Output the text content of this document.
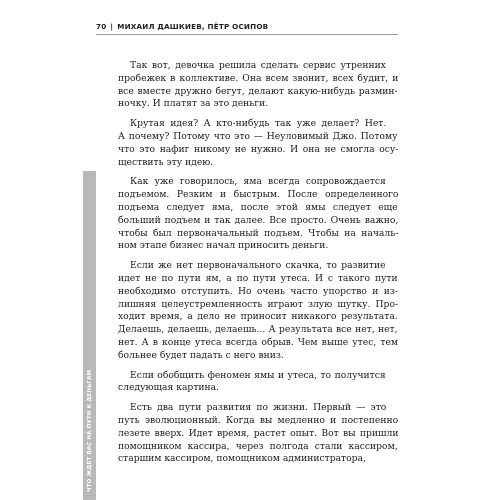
70 | МИХАИЛ ДАШКИЕВ, ПЁТР ОСИПОВ
ЧТО ЖДЕТ ВАС НА ПУТИ К ДЕНЬГАМ
Так вот, девочка решила сделать сервис утренних
пробежек в коллективе. Она всем звонит, всех будит, и
все вместе дружно бегут, делают какую-нибудь размин-
ночку. И платят за это деньги.
Крутая идея? А кто-нибудь так уже делает? Нет.
А почему? Потому что это — Неуловимый Джо. Потому
что это нафиг никому не нужно. И она не смогла осу-
ществить эту идею.
Как уже говорилось, яма всегда сопровождается
подъемом. Резким и быстрым. После определенного
подъема следует яма, после этой ямы следует еще
больший подъем и так далее. Все просто. Очень важно,
чтобы был первоначальный подъем. Чтобы на началь-
ном этапе бизнес начал приносить деньги.
Если же нет первоначального скачка, то развитие
идет не по пути ям, а по пути утеса. И с такого пути
необходимо отступить. Но очень часто упорство и из-
лишняя целеустремленность играют злую шутку. Про-
ходит время, а дело не приносит никакого результата.
Делаешь, делаешь, делаешь... А результата все нет, нет,
нет. А в конце утеса всегда обрыв. Чем выше утес, тем
больнее будет падать с него вниз.
Если обобщить феномен ямы и утеса, то получится
следующая картина.
Есть два пути развития по жизни. Первый — это
путь эволюционный. Когда вы медленно и постепенно
лезете вверх. Идет время, растет опыт. Вот вы пришли
помощником кассира, через полгода стали кассиром,
старшим кассиром, помощником администратора,
